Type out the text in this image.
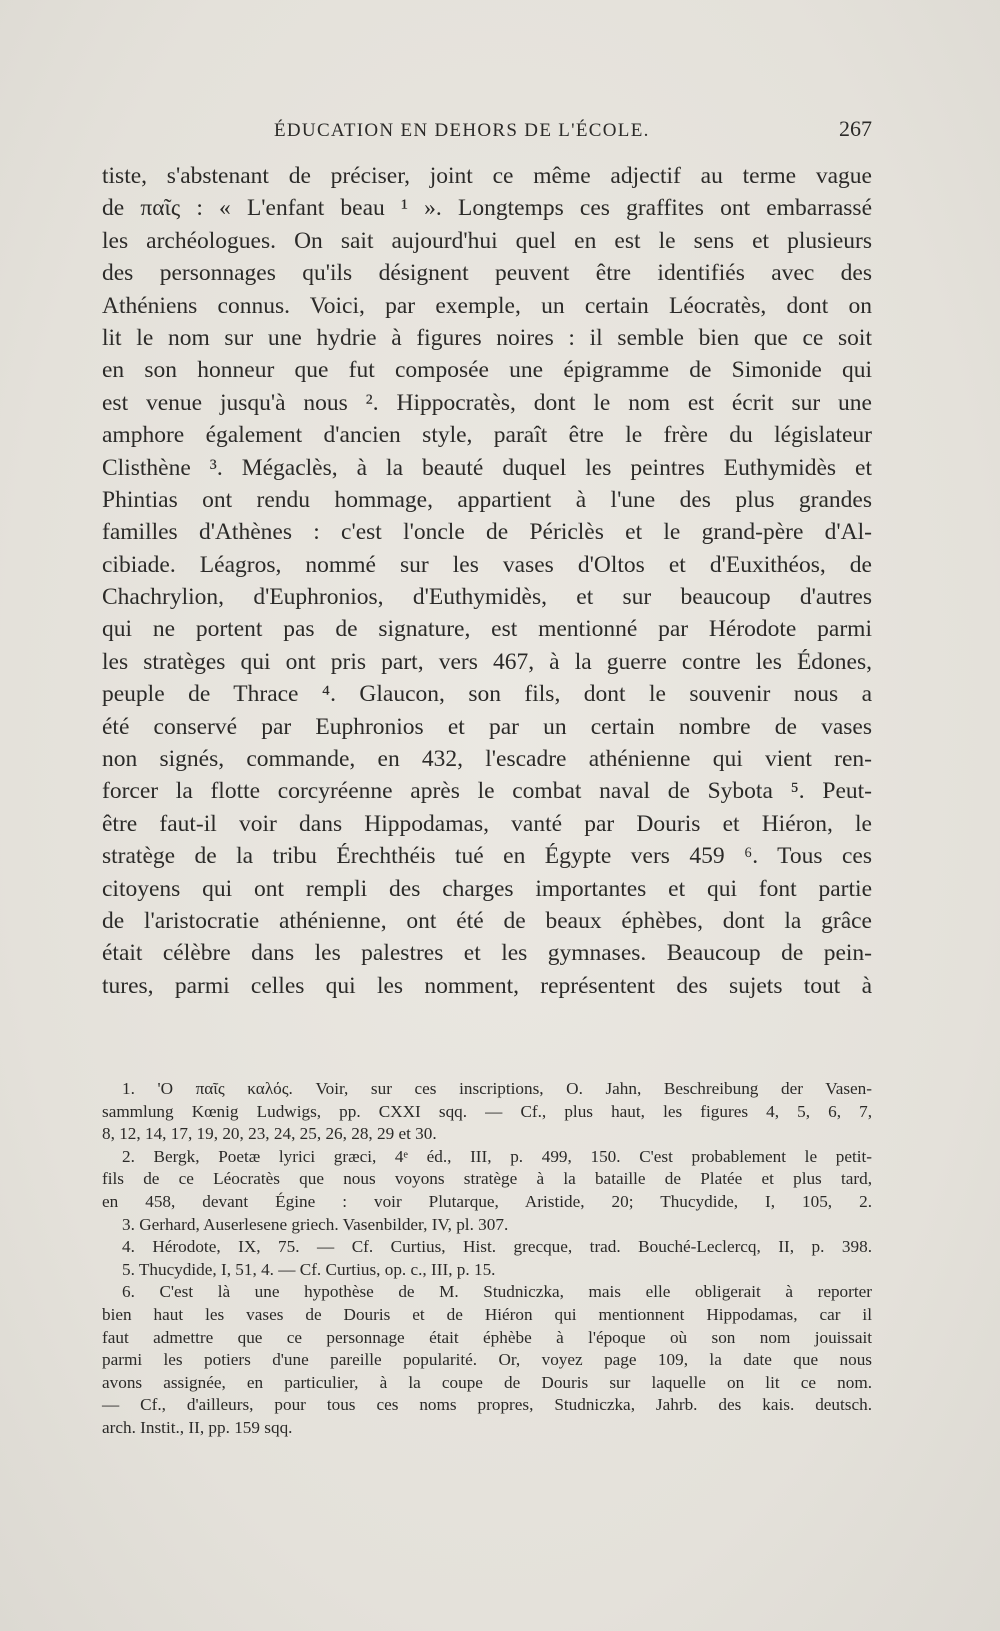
ÉDUCATION EN DEHORS DE L'ÉCOLE.	267
tiste, s'abstenant de préciser, joint ce même adjectif au terme vague
de παῖς : « L'enfant beau ¹ ». Longtemps ces graffites ont embarrassé
les archéologues. On sait aujourd'hui quel en est le sens et plusieurs
des personnages qu'ils désignent peuvent être identifiés avec des
Athéniens connus. Voici, par exemple, un certain Léocratès, dont on
lit le nom sur une hydrie à figures noires : il semble bien que ce soit
en son honneur que fut composée une épigramme de Simonide qui
est venue jusqu'à nous ². Hippocratès, dont le nom est écrit sur une
amphore également d'ancien style, paraît être le frère du législateur
Clisthène ³. Mégaclès, à la beauté duquel les peintres Euthymidès et
Phintias ont rendu hommage, appartient à l'une des plus grandes
familles d'Athènes : c'est l'oncle de Périclès et le grand-père d'Al-
cibiade. Léagros, nommé sur les vases d'Oltos et d'Euxithéos, de
Chachrylion, d'Euphronios, d'Euthymidès, et sur beaucoup d'autres
qui ne portent pas de signature, est mentionné par Hérodote parmi
les stratèges qui ont pris part, vers 467, à la guerre contre les Édones,
peuple de Thrace ⁴. Glaucon, son fils, dont le souvenir nous a
été conservé par Euphronios et par un certain nombre de vases
non signés, commande, en 432, l'escadre athénienne qui vient ren-
forcer la flotte corcyréenne après le combat naval de Sybota ⁵. Peut-
être faut-il voir dans Hippodamas, vanté par Douris et Hiéron, le
stratège de la tribu Érechthéis tué en Égypte vers 459 ⁶. Tous ces
citoyens qui ont rempli des charges importantes et qui font partie
de l'aristocratie athénienne, ont été de beaux éphèbes, dont la grâce
était célèbre dans les palestres et les gymnases. Beaucoup de pein-
tures, parmi celles qui les nomment, représentent des sujets tout à
1. 'O παῖς καλός. Voir, sur ces inscriptions, O. Jahn, Beschreibung der Vasen-
sammlung Kœnig Ludwigs, pp. CXXI sqq. — Cf., plus haut, les figures 4, 5, 6, 7,
8, 12, 14, 17, 19, 20, 23, 24, 25, 26, 28, 29 et 30.
2. Bergk, Poetæ lyrici græci, 4ᵉ éd., III, p. 499, 150. C'est probablement le petit-
fils de ce Léocratès que nous voyons stratège à la bataille de Platée et plus tard,
en 458, devant Égine : voir Plutarque, Aristide, 20; Thucydide, I, 105, 2.
3. Gerhard, Auserlesene griech. Vasenbilder, IV, pl. 307.
4. Hérodote, IX, 75. — Cf. Curtius, Hist. grecque, trad. Bouché-Leclercq, II, p. 398.
5. Thucydide, I, 51, 4. — Cf. Curtius, op. c., III, p. 15.
6. C'est là une hypothèse de M. Studniczka, mais elle obligerait à reporter
bien haut les vases de Douris et de Hiéron qui mentionnent Hippodamas, car il
faut admettre que ce personnage était éphèbe à l'époque où son nom jouissait
parmi les potiers d'une pareille popularité. Or, voyez page 109, la date que nous
avons assignée, en particulier, à la coupe de Douris sur laquelle on lit ce nom.
— Cf., d'ailleurs, pour tous ces noms propres, Studniczka, Jahrb. des kais. deutsch.
arch. Instit., II, pp. 159 sqq.
